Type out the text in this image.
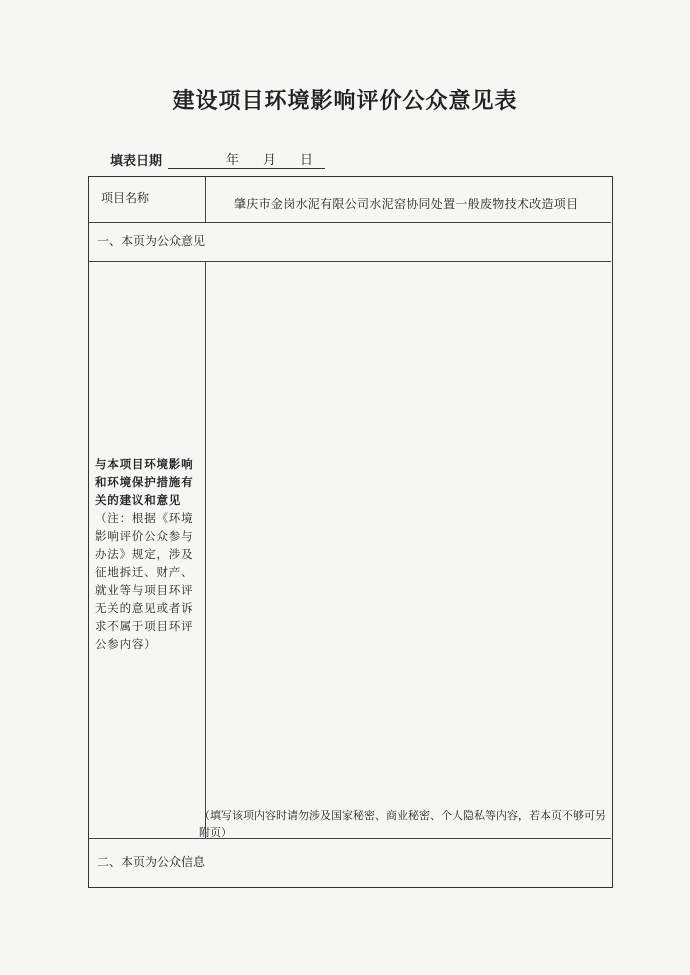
建设项目环境影响评价公众意见表
填表日期	年 月 日
项目名称	肇庆市金岗水泥有限公司水泥窑协同处置一般废物技术改造项目
一、本页为公众意见
与本项目环境影响和环境保护措施有关的建议和意见（注：根据《环境影响评价公众参与办法》规定，涉及征地拆迁、财产、就业等与项目环评无关的意见或者诉求不属于项目环评公参内容）
（填写该项内容时请勿涉及国家秘密、商业秘密、个人隐私等内容，若本页不够可另附页）
二、本页为公众信息
